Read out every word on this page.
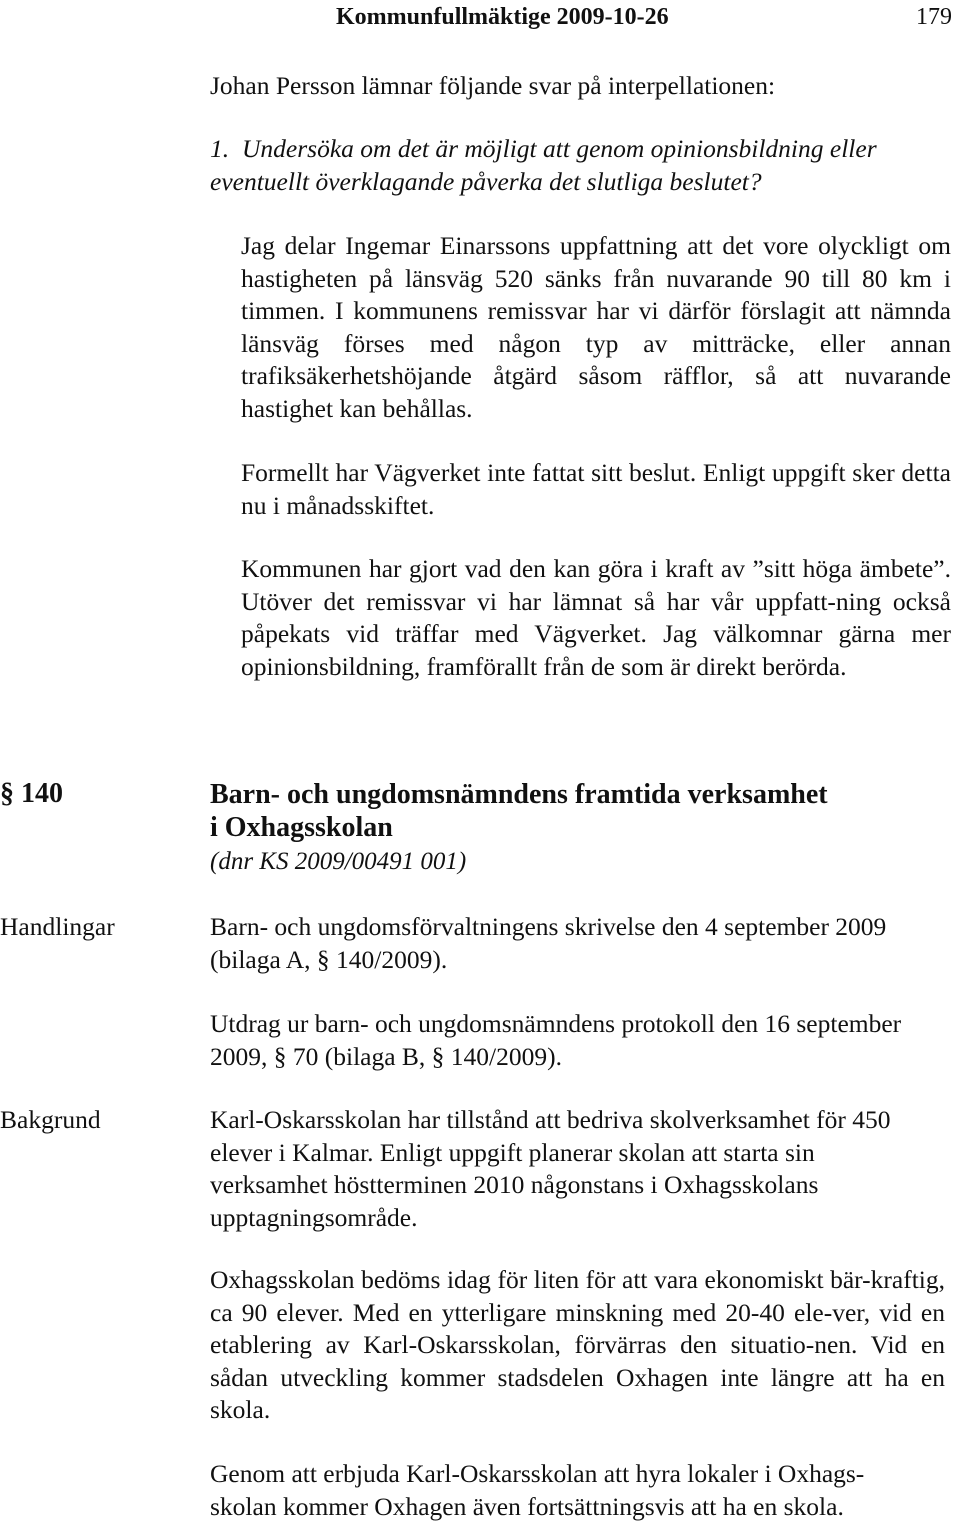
Kommunfullmäktige 2009-10-26	179

Johan Persson lämnar följande svar på interpellationen:

1. Undersöka om det är möjligt att genom opinionsbildning eller
eventuellt överklagande påverka det slutliga beslutet?

Jag delar Ingemar Einarssons uppfattning att det vore olyckligt om hastigheten på länsväg 520 sänks från nuvarande 90 till 80 km i timmen. I kommunens remissvar har vi därför förslagit att nämnda länsväg förses med någon typ av mitträcke, eller annan trafiksäkerhetshöjande åtgärd såsom räfflor, så att nuvarande hastighet kan behållas.

Formellt har Vägverket inte fattat sitt beslut. Enligt uppgift sker detta nu i månadsskiftet.

Kommunen har gjort vad den kan göra i kraft av ”sitt höga ämbete”. Utöver det remissvar vi har lämnat så har vår uppfatt-ning också påpekats vid träffar med Vägverket. Jag välkomnar gärna mer opinionsbildning, framförallt från de som är direkt berörda.

§ 140	Barn- och ungdomsnämndens framtida verksamhet
i Oxhagsskolan
(dnr KS 2009/00491 001)
Handlingar	Barn- och ungdomsförvaltningens skrivelse den 4 september 2009 (bilaga A, § 140/2009).

Utdrag ur barn- och ungdomsnämndens protokoll den 16 september 2009, § 70 (bilaga B, § 140/2009).

Bakgrund	Karl-Oskarsskolan har tillstånd att bedriva skolverksamhet för 450 elever i Kalmar. Enligt uppgift planerar skolan att starta sin verksamhet höstterminen 2010 någonstans i Oxhagsskolans upptagningsområde.

Oxhagsskolan bedöms idag för liten för att vara ekonomiskt bär-kraftig, ca 90 elever. Med en ytterligare minskning med 20-40 ele-ver, vid en etablering av Karl-Oskarsskolan, förvärras den situatio-nen. Vid en sådan utveckling kommer stadsdelen Oxhagen inte längre att ha en skola.

Genom att erbjuda Karl-Oskarsskolan att hyra lokaler i Oxhags-skolan kommer Oxhagen även fortsättningsvis att ha en skola.
